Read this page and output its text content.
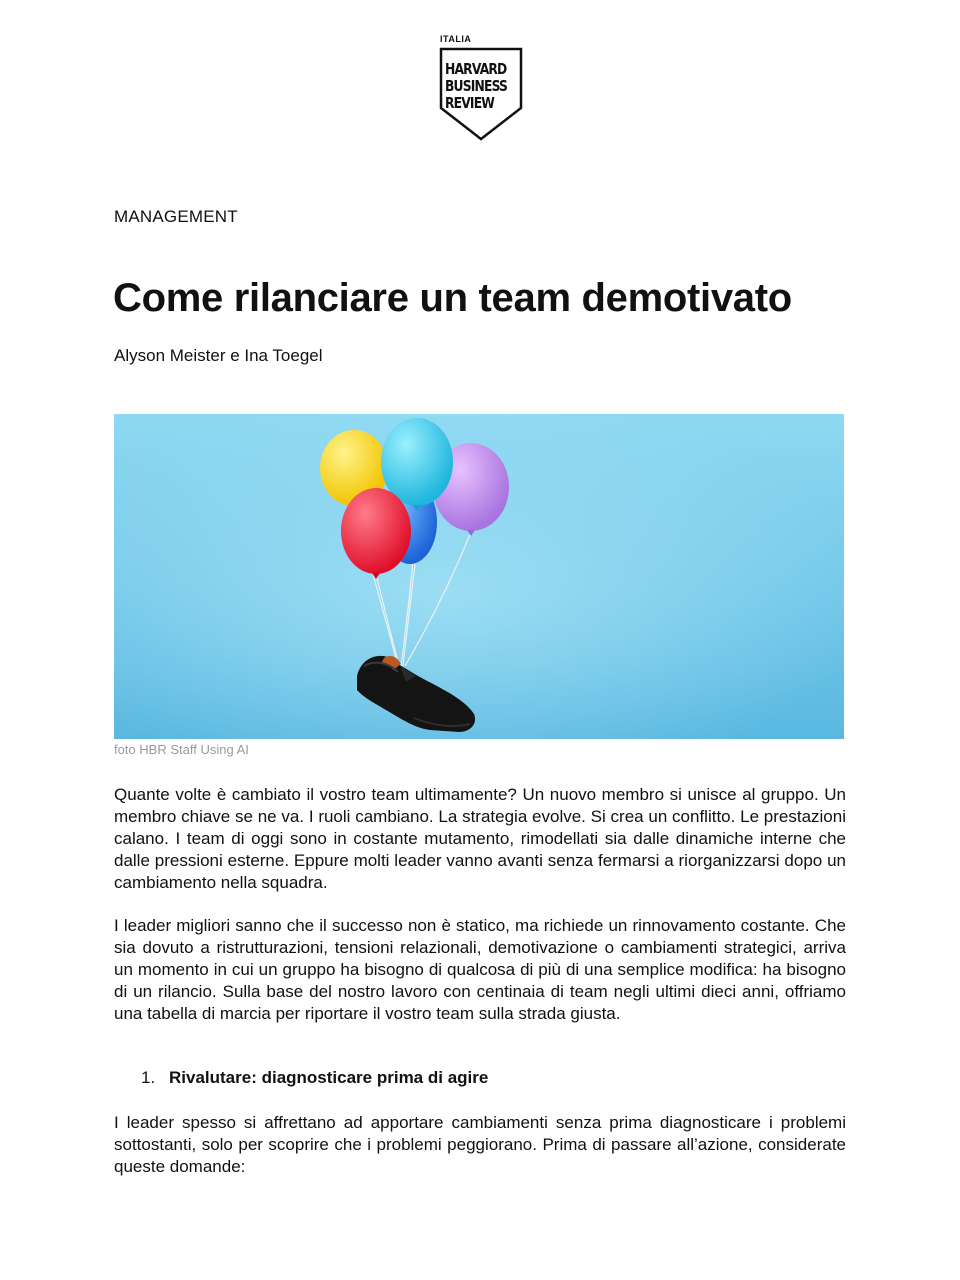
ITALIA
HARVARD
BUSINESS
REVIEW
MANAGEMENT
Come rilanciare un team demotivato
Alyson Meister e Ina Toegel
foto HBR Staff Using AI

Quante volte è cambiato il vostro team ultimamente? Un nuovo membro si unisce al gruppo. Un membro chiave se ne va. I ruoli cambiano. La strategia evolve. Si crea un conflitto. Le prestazioni calano. I team di oggi sono in costante mutamento, rimodellati sia dalle dinamiche interne che dalle pressioni esterne. Eppure molti leader vanno avanti senza fermarsi a riorganizzarsi dopo un cambiamento nella squadra.

I leader migliori sanno che il successo non è statico, ma richiede un rinnovamento costante. Che sia dovuto a ristrutturazioni, tensioni relazionali, demotivazione o cambiamenti strategici, arriva un momento in cui un gruppo ha bisogno di qualcosa di più di una semplice modifica: ha bisogno di un rilancio. Sulla base del nostro lavoro con centinaia di team negli ultimi dieci anni, offriamo una tabella di marcia per riportare il vostro team sulla strada giusta.

1. Rivalutare: diagnosticare prima di agire

I leader spesso si affrettano ad apportare cambiamenti senza prima diagnosticare i problemi sottostanti, solo per scoprire che i problemi peggiorano. Prima di passare all’azione, considerate queste domande:
